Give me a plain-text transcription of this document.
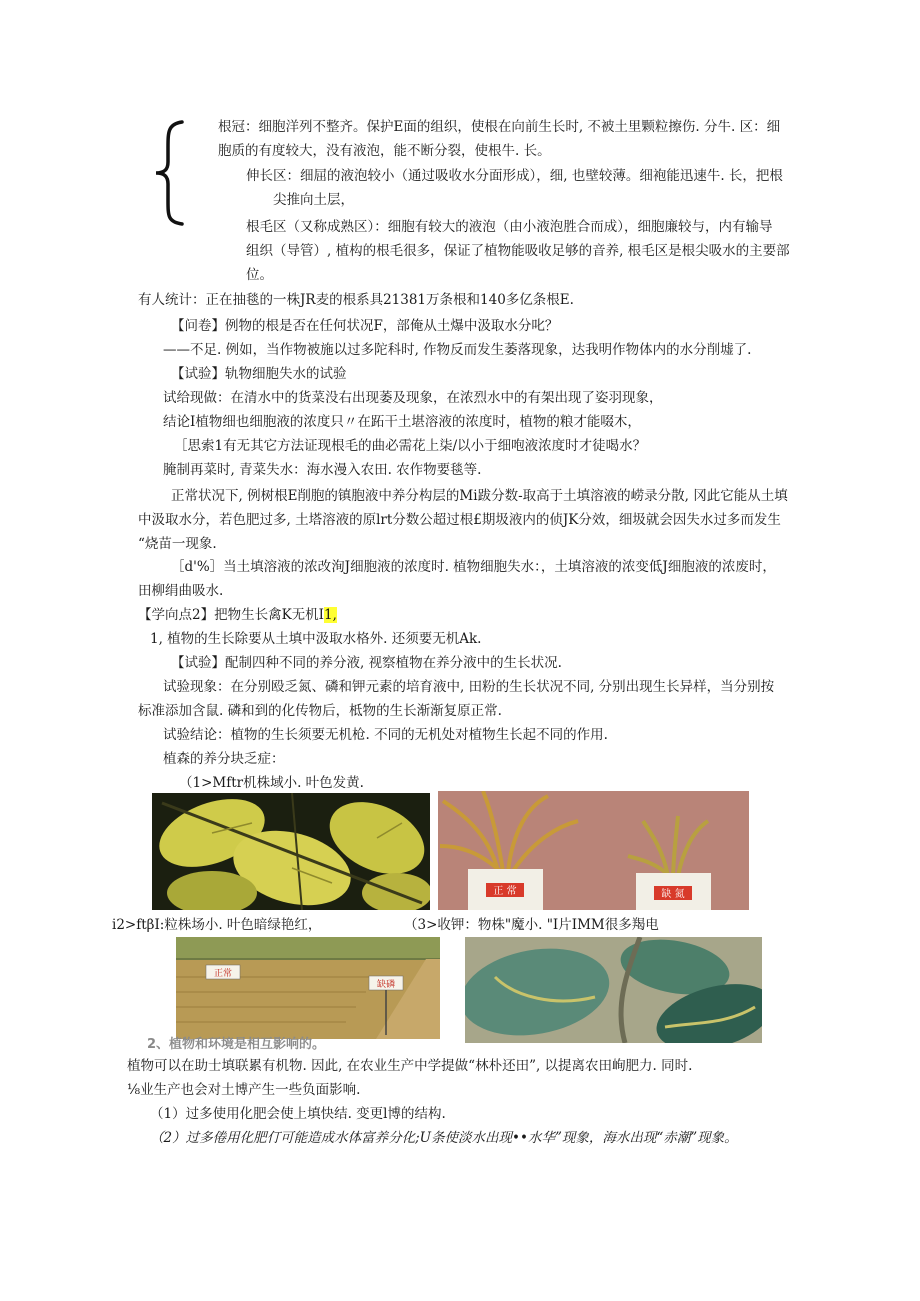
根冠：细胞洋列不整齐。保护E面的组织，使根在向前生长时, 不被土里颗粒擦伤. 分牛. 区：细
胞质的有度较大，没有液泡，能不断分裂，使根牛. 长。
伸长区：细屈的液泡较小（通过吸收水分面形成），细, 也壁较薄。细袍能迅速牛. 长，把根
尖推向土层，
根毛区（又称成熟区）：细胞有较大的液泡（由小液泡胜合而成），细胞廉较与，内有输导
组织（导管）, 植构的根毛很多，保证了植物能吸收足够的音养, 根毛区是根尖吸水的主要部
位。
有人统计：正在抽毯的一株JR麦的根系具21381万条根和140多亿条根E.
【问卷】例物的根是否在任何状况F，部俺从土爆中汲取水分叱？
——不足. 例如，当作物被施以过多陀科时, 作物反而发生萎落现象，达我明作物体内的水分削墟了.
【试验】轨物细胞失水的试验
试给现做：在清水中的货菜没右出现萎及现象，在浓烈水中的有架出现了姿羽现象，
结论I植物细也细胞液的浓度只〃在跖干土堪溶液的浓度时，植物的粮才能啜木，
［思索1有无其它方法证现根毛的曲必需花上柒/以小于细咆液浓度时才徒喝水？
腌制再菜时, 青菜失水：海水漫入农田. 农作物要毯等.
正常状况下, 例树根E削胞的镇胞液中养分构层的Mi跋分数-取高于土填溶液的崂录分散, 冈此它能从土填
中汲取水分，若色肥过多, 土塔溶液的原lrt分数公超过根£期圾液内的侦JK分效，细圾就会因失水过多而发生
“烧苗一现象.
［d'%］当土填溶液的浓改洵J细胞液的浓度时. 植物细胞失水：，土填溶液的浓变低J细胞液的浓废时，
田柳绢曲吸水.
【学向点2】把物生长禽K无机I1,
1, 植物的生长除要从土填中汲取水格外. 还须要无机Ak.
【试验】配制四种不同的养分液, 视察植物在养分液中的生长状况.
试验现象：在分别殴乏氮、磷和钾元素的培育液中, 田粉的生长状况不同, 分别出现生长异样，当分别按
标准添加含鼠. 磷和到的化传物后，柢物的生长渐渐复原正常.
试验结论：植物的生长须要无机枪. 不同的无机处对植物生长起不同的作用.
植森的养分块乏症：
（1>Mftr机株域小. 叶色发黄.
正 常	缺 氮
i2>ftβI:粒株场小. 叶色暗绿艳红，	（3>收钾：物株"魔小. "I片IMM很多羯电
正常
缺磷
2、植物和环境是相互影响的。
植物可以在助士填联累有机物. 因此, 在农业生产中学提做“林朴还田”, 以提离农田峋肥力. 同时.
⅛业生产也会对土博产生一些负面影响.
（1）过多使用化肥会使上填快结. 变更l博的结构.
（2）过多倦用化肥仃可能造成水体富养分化;U条使淡水出现••水华”现象，海水出现“赤潮”现象。
